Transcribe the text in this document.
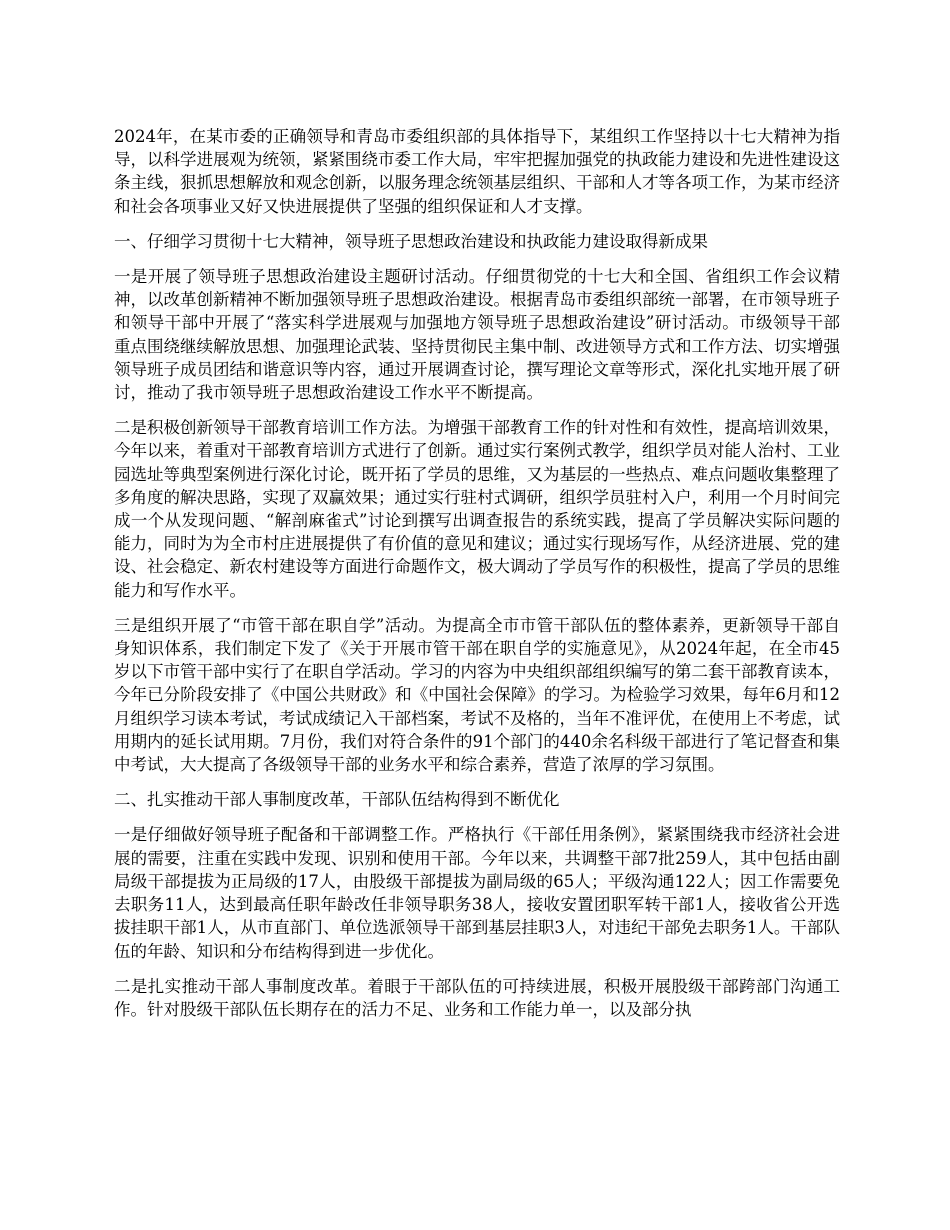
2024年，在某市委的正确领导和青岛市委组织部的具体指导下，某组织工作坚持以十七大精神为指导，以科学进展观为统领，紧紧围绕市委工作大局，牢牢把握加强党的执政能力建设和先进性建设这条主线，狠抓思想解放和观念创新，以服务理念统领基层组织、干部和人才等各项工作，为某市经济和社会各项事业又好又快进展提供了坚强的组织保证和人才支撑。

一、仔细学习贯彻十七大精神，领导班子思想政治建设和执政能力建设取得新成果

一是开展了领导班子思想政治建设主题研讨活动。仔细贯彻党的十七大和全国、省组织工作会议精神，以改革创新精神不断加强领导班子思想政治建设。根据青岛市委组织部统一部署，在市领导班子和领导干部中开展了“落实科学进展观与加强地方领导班子思想政治建设”研讨活动。市级领导干部重点围绕继续解放思想、加强理论武装、坚持贯彻民主集中制、改进领导方式和工作方法、切实增强领导班子成员团结和谐意识等内容，通过开展调查讨论，撰写理论文章等形式，深化扎实地开展了研讨，推动了我市领导班子思想政治建设工作水平不断提高。

二是积极创新领导干部教育培训工作方法。为增强干部教育工作的针对性和有效性，提高培训效果，今年以来，着重对干部教育培训方式进行了创新。通过实行案例式教学，组织学员对能人治村、工业园选址等典型案例进行深化讨论，既开拓了学员的思维，又为基层的一些热点、难点问题收集整理了多角度的解决思路，实现了双赢效果；通过实行驻村式调研，组织学员驻村入户，利用一个月时间完成一个从发现问题、“解剖麻雀式”讨论到撰写出调查报告的系统实践，提高了学员解决实际问题的能力，同时为为全市村庄进展提供了有价值的意见和建议；通过实行现场写作，从经济进展、党的建设、社会稳定、新农村建设等方面进行命题作文，极大调动了学员写作的积极性，提高了学员的思维能力和写作水平。

三是组织开展了“市管干部在职自学”活动。为提高全市市管干部队伍的整体素养，更新领导干部自身知识体系，我们制定下发了《关于开展市管干部在职自学的实施意见》，从2024年起，在全市45岁以下市管干部中实行了在职自学活动。学习的内容为中央组织部组织编写的第二套干部教育读本，今年已分阶段安排了《中国公共财政》和《中国社会保障》的学习。为检验学习效果，每年6月和12月组织学习读本考试，考试成绩记入干部档案，考试不及格的，当年不准评优，在使用上不考虑，试用期内的延长试用期。7月份，我们对符合条件的91个部门的440余名科级干部进行了笔记督查和集中考试，大大提高了各级领导干部的业务水平和综合素养，营造了浓厚的学习氛围。

二、扎实推动干部人事制度改革，干部队伍结构得到不断优化

一是仔细做好领导班子配备和干部调整工作。严格执行《干部任用条例》，紧紧围绕我市经济社会进展的需要，注重在实践中发现、识别和使用干部。今年以来，共调整干部7批259人，其中包括由副局级干部提拔为正局级的17人，由股级干部提拔为副局级的65人；平级沟通122人；因工作需要免去职务11人，达到最高任职年龄改任非领导职务38人，接收安置团职军转干部1人，接收省公开选拔挂职干部1人，从市直部门、单位选派领导干部到基层挂职3人，对违纪干部免去职务1人。干部队伍的年龄、知识和分布结构得到进一步优化。

二是扎实推动干部人事制度改革。着眼于干部队伍的可持续进展，积极开展股级干部跨部门沟通工作。针对股级干部队伍长期存在的活力不足、业务和工作能力单一，以及部分执
